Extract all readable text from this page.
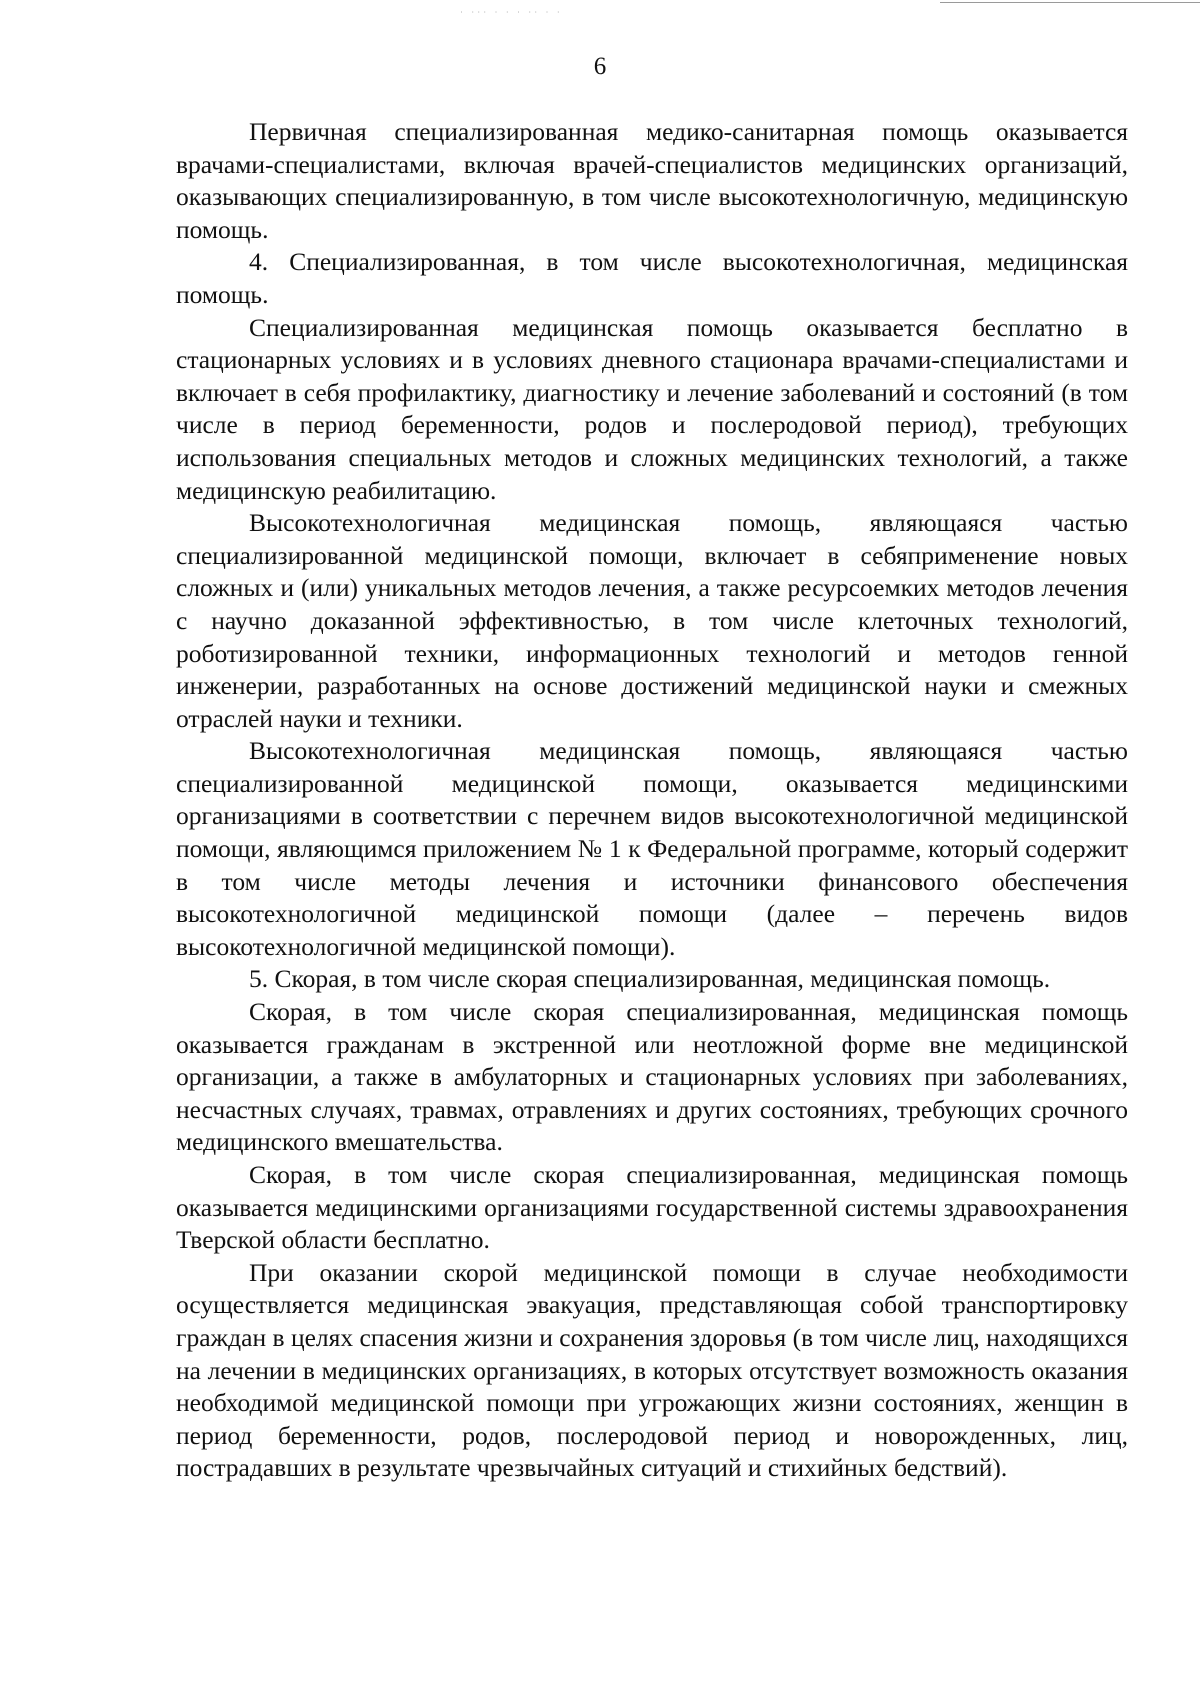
˙ ˙˙˙ ˙ ˙ ˙ ˙˙ ˙ ˙
6

Первичная специализированная медико-санитарная помощь оказывается врачами-специалистами, включая врачей-специалистов медицинских организаций, оказывающих специализированную, в том числе высокотехнологичную, медицинскую помощь.

4. Специализированная, в том числе высокотехнологичная, медицинская помощь.

Специализированная медицинская помощь оказывается бесплатно в стационарных условиях и в условиях дневного стационара врачами-специалистами и включает в себя профилактику, диагностику и лечение заболеваний и состояний (в том числе в период беременности, родов и послеродовой период), требующих использования специальных методов и сложных медицинских технологий, а также медицинскую реабилитацию.

Высокотехнологичная медицинская помощь, являющаяся частью специализированной медицинской помощи, включает в себяприменение новых сложных и (или) уникальных методов лечения, а также ресурсоемких методов лечения с научно доказанной эффективностью, в том числе клеточных технологий, роботизированной техники, информационных технологий и методов генной инженерии, разработанных на основе достижений медицинской науки и смежных отраслей науки и техники.

Высокотехнологичная медицинская помощь, являющаяся частью специализированной медицинской помощи, оказывается медицинскими организациями в соответствии с перечнем видов высокотехнологичной медицинской помощи, являющимся приложением № 1 к Федеральной программе, который содержит в том числе методы лечения и источники финансового обеспечения высокотехнологичной медицинской помощи (далее – перечень видов высокотехнологичной медицинской помощи).

5. Скорая, в том числе скорая специализированная, медицинская помощь.

Скорая, в том числе скорая специализированная, медицинская помощь оказывается гражданам в экстренной или неотложной форме вне медицинской организации, а также в амбулаторных и стационарных условиях при заболеваниях, несчастных случаях, травмах, отравлениях и других состояниях, требующих срочного медицинского вмешательства.

Скорая, в том числе скорая специализированная, медицинская помощь оказывается медицинскими организациями государственной системы здравоохранения Тверской области бесплатно.

При оказании скорой медицинской помощи в случае необходимости осуществляется медицинская эвакуация, представляющая собой транспортировку граждан в целях спасения жизни и сохранения здоровья (в том числе лиц, находящихся на лечении в медицинских организациях, в которых отсутствует возможность оказания необходимой медицинской помощи при угрожающих жизни состояниях, женщин в период беременности, родов, послеродовой период и новорожденных, лиц, пострадавших в результате чрезвычайных ситуаций и стихийных бедствий).
